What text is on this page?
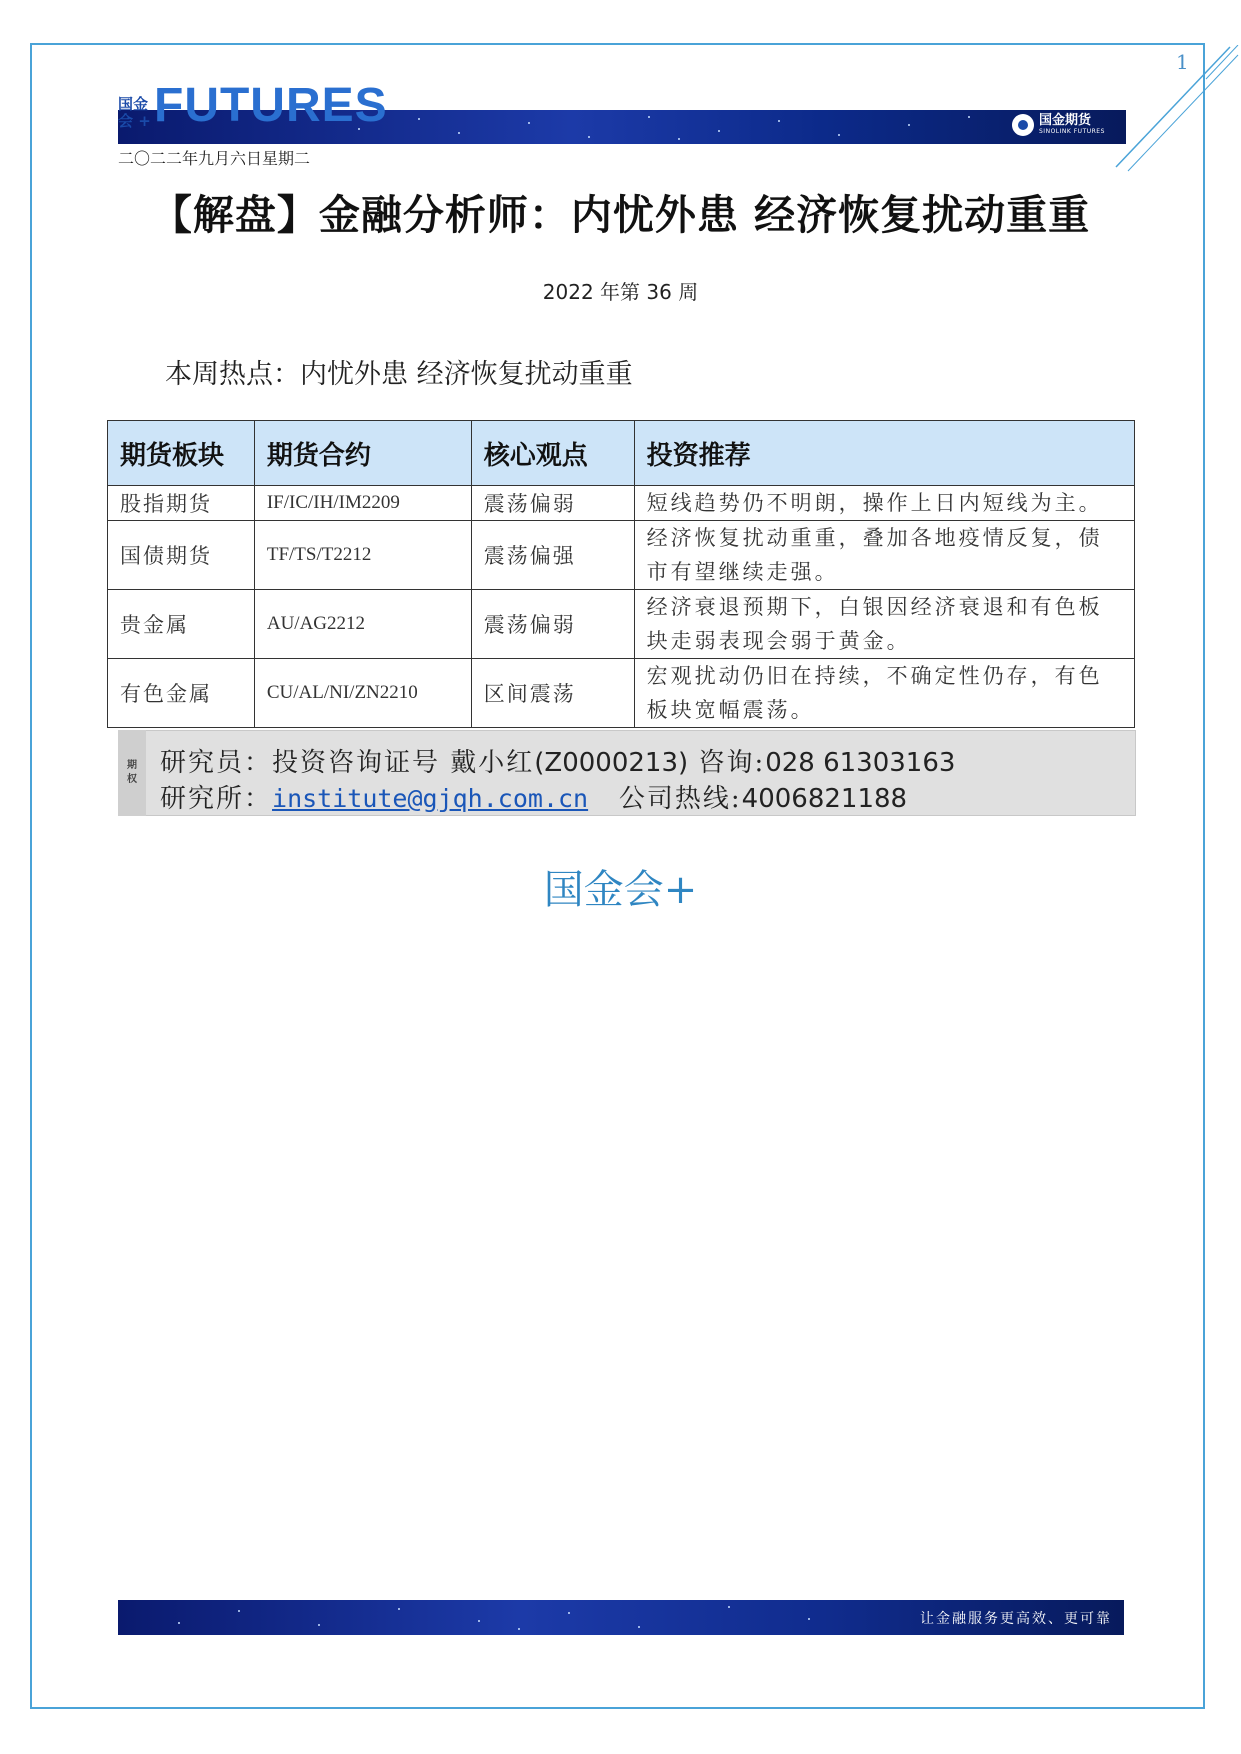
1
国金
会 + FUTURES	国金期货
SINOLINK FUTURES
二〇二二年九月六日星期二
【解盘】金融分析师：内忧外患 经济恢复扰动重重
2022 年第 36 周
本周热点：内忧外患 经济恢复扰动重重
期货板块	期货合约	核心观点	投资推荐
股指期货	IF/IC/IH/IM2209	震荡偏弱	短线趋势仍不明朗，操作上日内短线为主。
国债期货	TF/TS/T2212	震荡偏强	经济恢复扰动重重，叠加各地疫情反复，债市有望继续走强。
贵金属	AU/AG2212	震荡偏弱	经济衰退预期下，白银因经济衰退和有色板块走弱表现会弱于黄金。
有色金属	CU/AL/NI/ZN2210	区间震荡	宏观扰动仍旧在持续，不确定性仍存，有色板块宽幅震荡。
期
权
研究员：投资咨询证号 戴小红(Z0000213) 咨询:028 61303163
研究所：institute@gjqh.com.cn 公司热线:4006821188
国金会+
让金融服务更高效、更可靠
